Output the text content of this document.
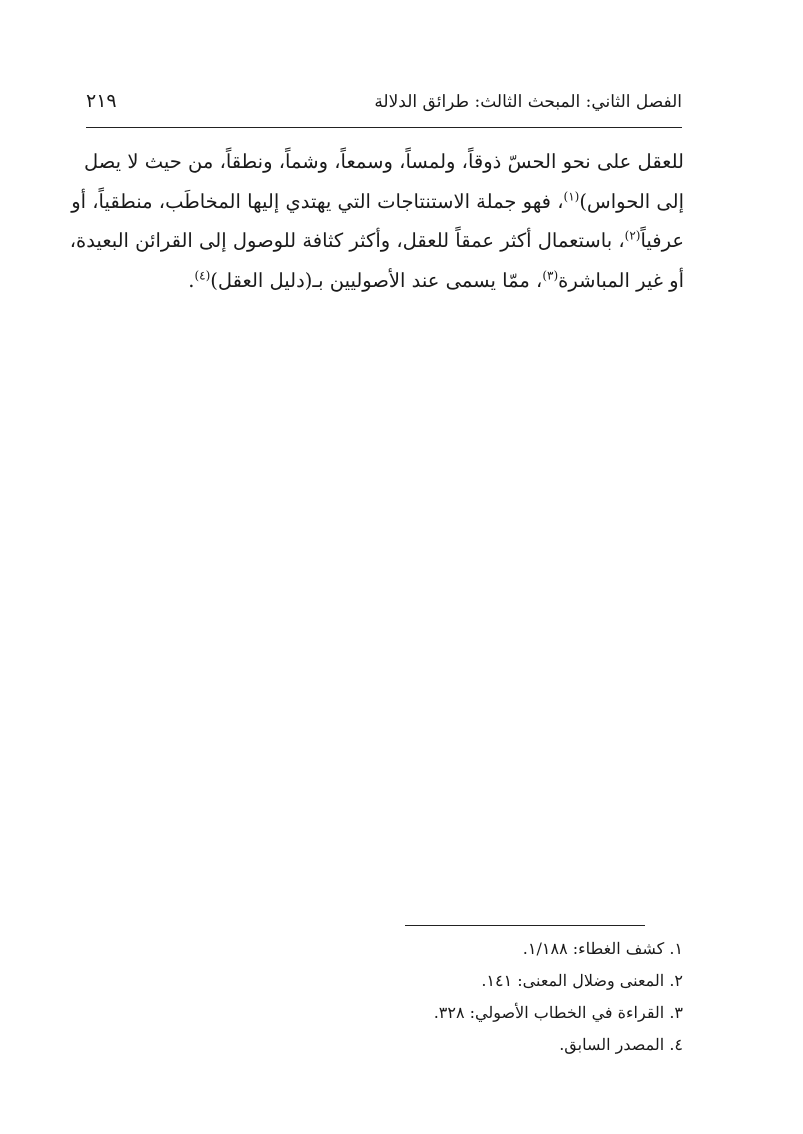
الفصل الثاني: المبحث الثالث: طرائق الدلالة
٢١٩
للعقل على نحو الحسّ ذوقاً، ولمساً، وسمعاً، وشماً، ونطقاً، من حيث لا يصل
إلى الحواس)$^{(١)}$، فهو جملة الاستنتاجات التي يهتدي إليها المخاطَب، منطقياً، أو
عرفياً$^{(٢)}$، باستعمال أكثر عمقاً للعقل، وأكثر كثافة للوصول إلى القرائن البعيدة،
أو غير المباشرة$^{(٣)}$، ممّا يسمى عند الأصوليين بـ(دليل العقل)$^{(٤)}$.
١. كشف الغطاء: ١/١٨٨.
٢. المعنى وضلال المعنى: ١٤١.
٣. القراءة في الخطاب الأصولي: ٣٢٨.
٤. المصدر السابق.
